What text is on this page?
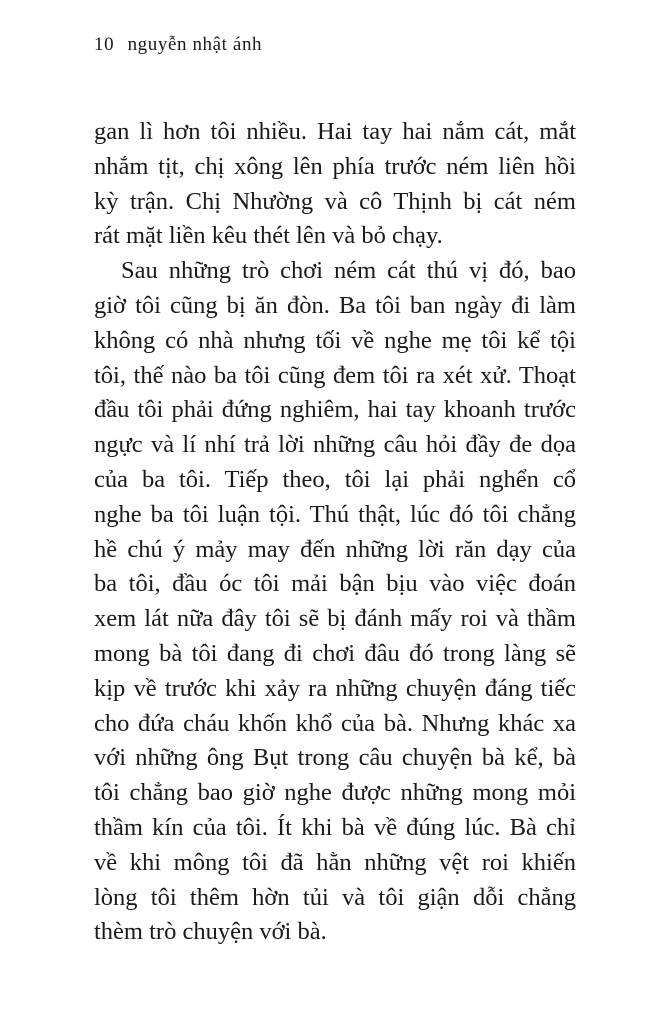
10 nguyễn nhật ánh
gan lì hơn tôi nhiều. Hai tay hai nắm cát, mắt
nhắm tịt, chị xông lên phía trước ném liên hồi
kỳ trận. Chị Nhường và cô Thịnh bị cát ném
rát mặt liền kêu thét lên và bỏ chạy.
Sau những trò chơi ném cát thú vị đó, bao
giờ tôi cũng bị ăn đòn. Ba tôi ban ngày đi làm
không có nhà nhưng tối về nghe mẹ tôi kể tội
tôi, thế nào ba tôi cũng đem tôi ra xét xử. Thoạt
đầu tôi phải đứng nghiêm, hai tay khoanh trước
ngực và lí nhí trả lời những câu hỏi đầy đe dọa
của ba tôi. Tiếp theo, tôi lại phải nghển cổ
nghe ba tôi luận tội. Thú thật, lúc đó tôi chẳng
hề chú ý mảy may đến những lời răn dạy của
ba tôi, đầu óc tôi mải bận bịu vào việc đoán
xem lát nữa đây tôi sẽ bị đánh mấy roi và thầm
mong bà tôi đang đi chơi đâu đó trong làng sẽ
kịp về trước khi xảy ra những chuyện đáng tiếc
cho đứa cháu khốn khổ của bà. Nhưng khác xa
với những ông Bụt trong câu chuyện bà kể, bà
tôi chẳng bao giờ nghe được những mong mỏi
thầm kín của tôi. Ít khi bà về đúng lúc. Bà chỉ
về khi mông tôi đã hằn những vệt roi khiến
lòng tôi thêm hờn tủi và tôi giận dỗi chẳng
thèm trò chuyện với bà.
